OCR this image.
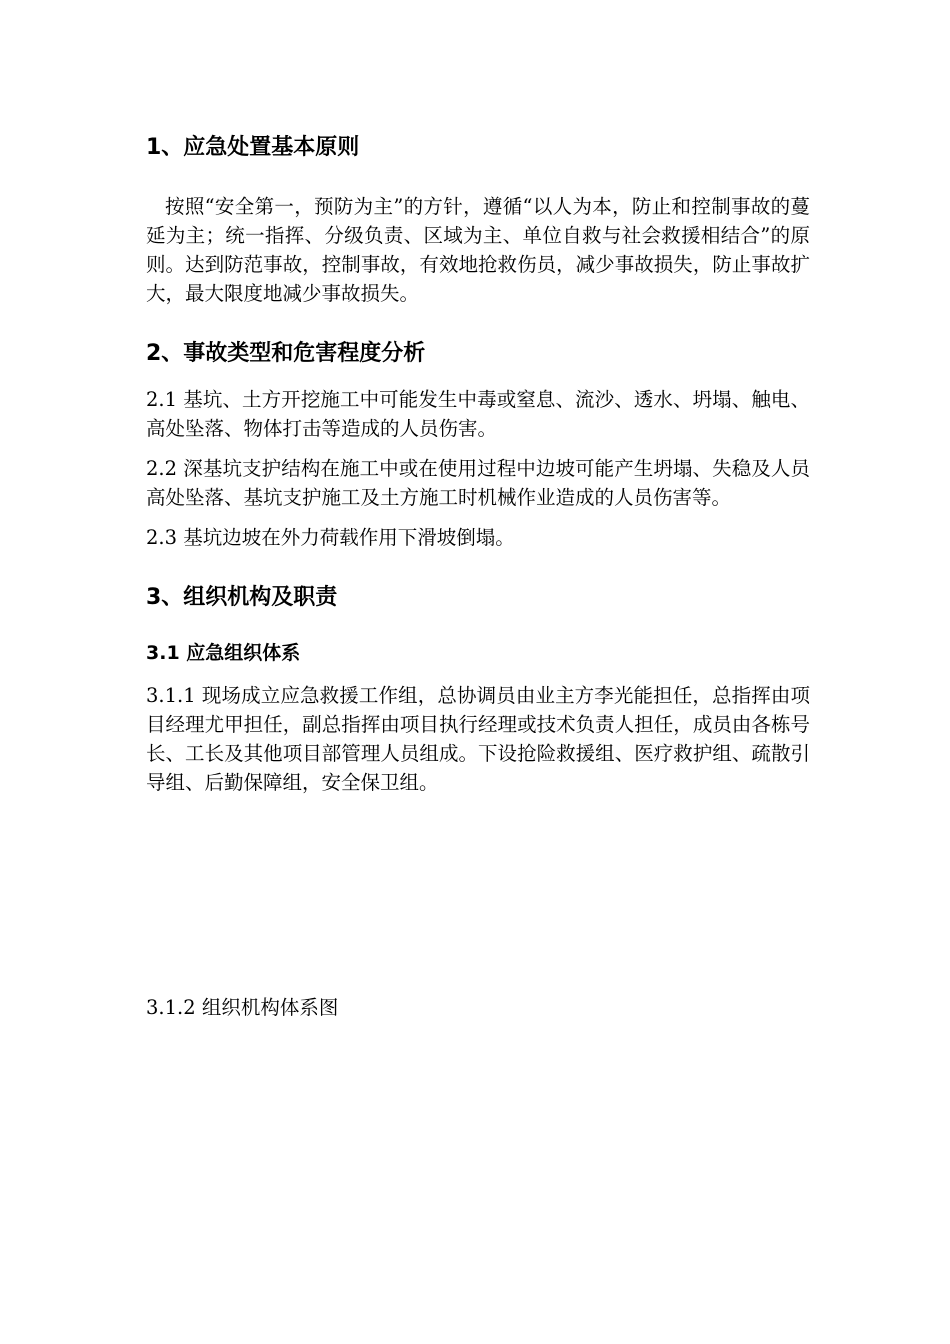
1、应急处置基本原则

按照“安全第一，预防为主”的方针，遵循“以人为本，防止和控制事故的蔓延为主；统一指挥、分级负责、区域为主、单位自救与社会救援相结合”的原则。达到防范事故，控制事故，有效地抢救伤员，减少事故损失，防止事故扩大，最大限度地减少事故损失。

2、事故类型和危害程度分析

2.1 基坑、土方开挖施工中可能发生中毒或窒息、流沙、透水、坍塌、触电、高处坠落、物体打击等造成的人员伤害。

2.2 深基坑支护结构在施工中或在使用过程中边坡可能产生坍塌、失稳及人员高处坠落、基坑支护施工及土方施工时机械作业造成的人员伤害等。

2.3 基坑边坡在外力荷载作用下滑坡倒塌。

3、组织机构及职责
3.1 应急组织体系

3.1.1 现场成立应急救援工作组，总协调员由业主方李光能担任，总指挥由项目经理尤甲担任，副总指挥由项目执行经理或技术负责人担任，成员由各栋号长、工长及其他项目部管理人员组成。下设抢险救援组、医疗救护组、疏散引导组、后勤保障组，安全保卫组。

3.1.2 组织机构体系图
